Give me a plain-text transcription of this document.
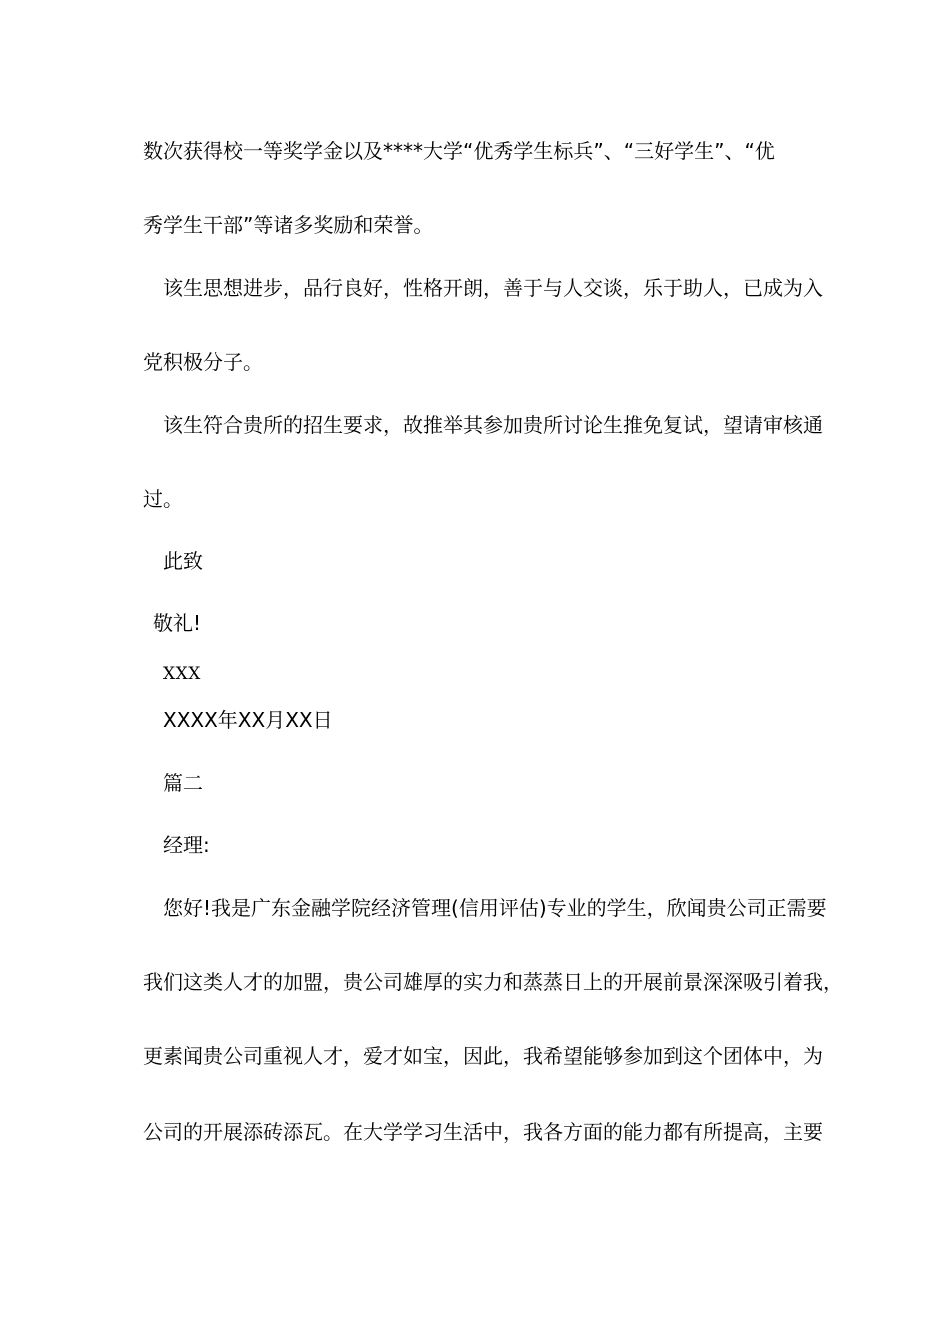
数次获得校一等奖学金以及****大学“优秀学生标兵”、“三好学生”、“优

秀学生干部”等诸多奖励和荣誉。

该生思想进步，品行良好，性格开朗，善于与人交谈，乐于助人，已成为入

党积极分子。

该生符合贵所的招生要求，故推举其参加贵所讨论生推免复试，望请审核通

过。

此致

敬礼!

XXX

XXXX年XX月XX日

篇二

经理:

您好!我是广东金融学院经济管理(信用评估)专业的学生，欣闻贵公司正需要

我们这类人才的加盟，贵公司雄厚的实力和蒸蒸日上的开展前景深深吸引着我，

更素闻贵公司重视人才，爱才如宝，因此，我希望能够参加到这个团体中，为

公司的开展添砖添瓦。在大学学习生活中，我各方面的能力都有所提高，主要
